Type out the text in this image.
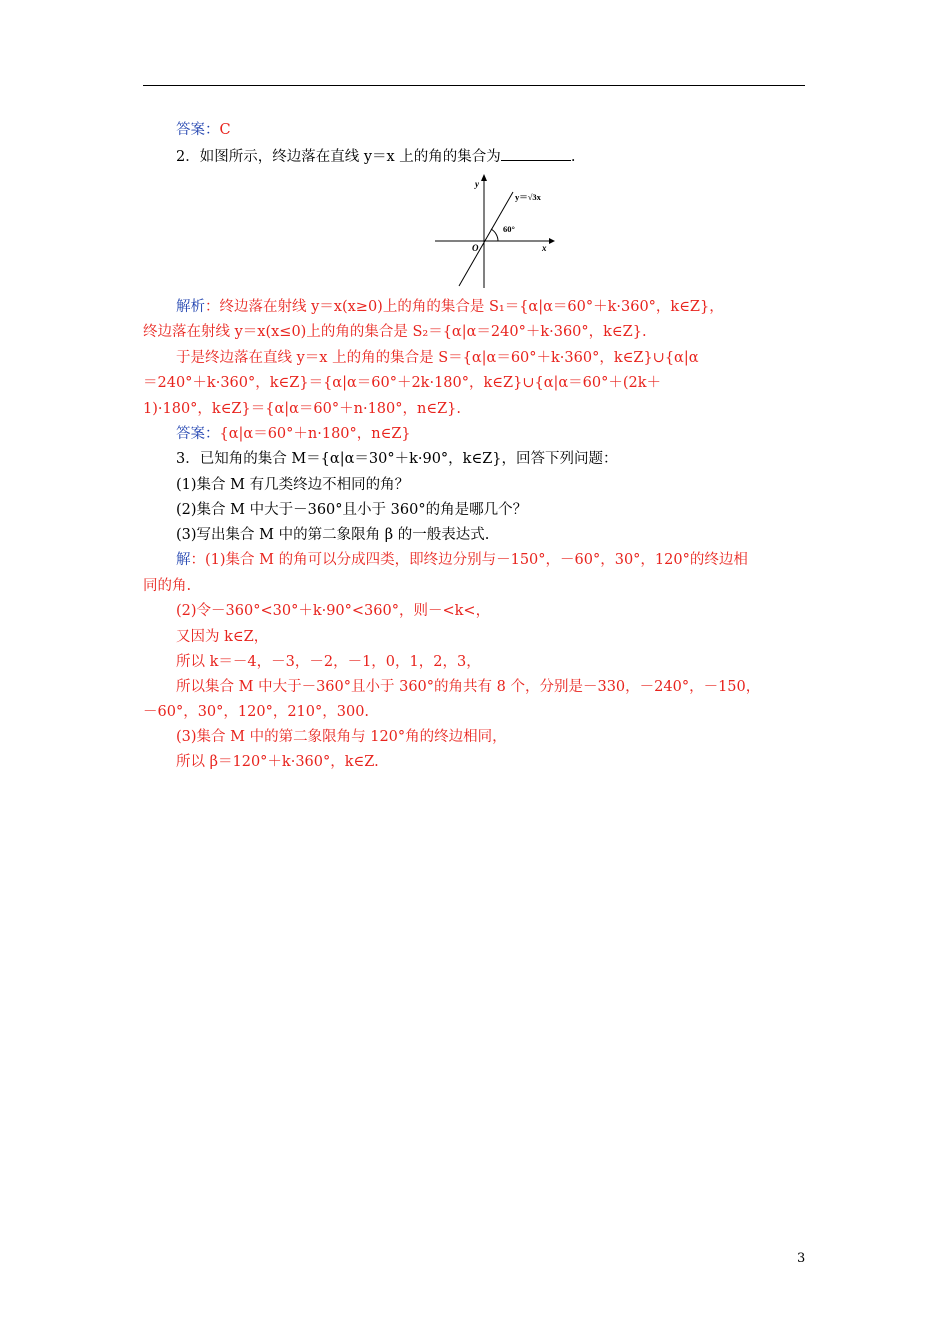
答案：C
2．如图所示，终边落在直线 y＝x 上的角的集合为	.
y
x
O
y＝√3x
60°
解析：终边落在射线 y＝x(x≥0)上的角的集合是 S₁＝{α|α＝60°＋k·360°，k∈Z}，
终边落在射线 y＝x(x≤0)上的角的集合是 S₂＝{α|α＝240°＋k·360°，k∈Z}.
于是终边落在直线 y＝x 上的角的集合是 S＝{α|α＝60°＋k·360°，k∈Z}∪{α|α
＝240°＋k·360°，k∈Z}＝{α|α＝60°＋2k·180°，k∈Z}∪{α|α＝60°＋(2k＋
1)·180°，k∈Z}＝{α|α＝60°＋n·180°，n∈Z}.
答案：{α|α＝60°＋n·180°，n∈Z}
3．已知角的集合 M＝{α|α＝30°＋k·90°，k∈Z}，回答下列问题：
(1)集合 M 有几类终边不相同的角？
(2)集合 M 中大于－360°且小于 360°的角是哪几个？
(3)写出集合 M 中的第二象限角 β 的一般表达式.
解：(1)集合 M 的角可以分成四类，即终边分别与－150°，－60°，30°，120°的终边相
同的角.
(2)令－360°<30°＋k·90°<360°，则－<k<，
又因为 k∈Z，
所以 k＝－4，－3，－2，－1，0，1，2，3，
所以集合 M 中大于－360°且小于 360°的角共有 8 个，分别是－330，－240°，－150，
－60°，30°，120°，210°，300.
(3)集合 M 中的第二象限角与 120°角的终边相同，
所以 β＝120°＋k·360°，k∈Z.
3
